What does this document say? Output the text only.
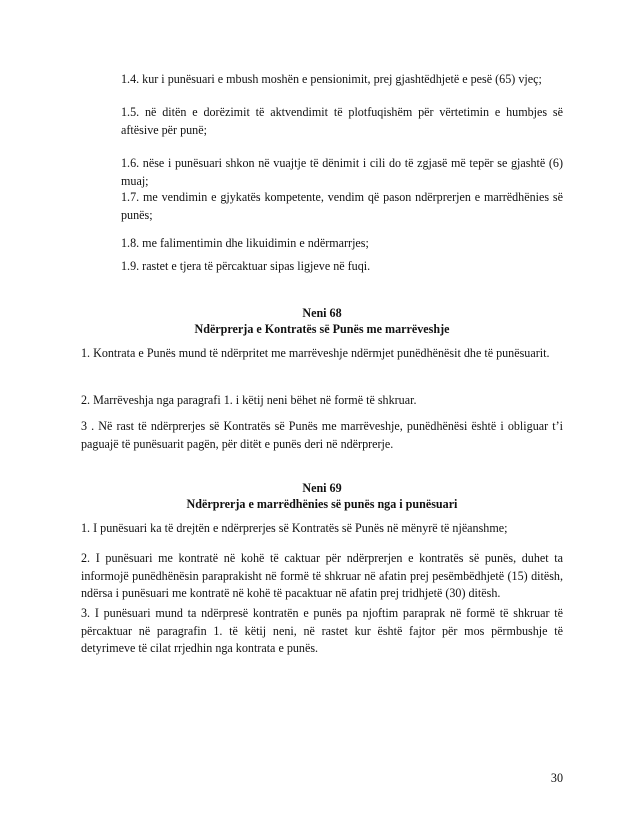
1.4. kur i punësuari e mbush moshën e pensionimit, prej gjashtëdhjetë e pesë (65) vjeç;

1.5. në ditën e dorëzimit të aktvendimit të plotfuqishëm për vërtetimin e humbjes së aftësive për punë;

1.6. nëse i punësuari shkon në vuajtje të dënimit i cili do të zgjasë më tepër se gjashtë (6) muaj;

1.7. me vendimin e gjykatës kompetente, vendim që pason ndërprerjen e marrëdhënies së punës;

1.8. me falimentimin dhe likuidimin e ndërmarrjes;

1.9. rastet e tjera të përcaktuar sipas ligjeve në fuqi.

Neni 68

Ndërprerja e Kontratës së Punës me marrëveshje

1. Kontrata e Punës mund të ndërpritet me marrëveshje ndërmjet punëdhënësit dhe të punësuarit.

2. Marrëveshja nga paragrafi 1. i këtij neni bëhet në formë të shkruar.

3 . Në rast të ndërprerjes së Kontratës së Punës me marrëveshje, punëdhënësi është i obliguar t’i paguajë të punësuarit pagën, për ditët e punës deri në ndërprerje.

Neni 69

Ndërprerja e marrëdhënies së punës nga i punësuari

1. I punësuari ka të drejtën e ndërprerjes së Kontratës së Punës në mënyrë të njëanshme;

2. I punësuari me kontratë në kohë të caktuar për ndërprerjen e kontratës së punës, duhet ta informojë punëdhënësin paraprakisht në formë të shkruar në afatin prej pesëmbëdhjetë (15) ditësh, ndërsa i punësuari me kontratë në kohë të pacaktuar në afatin prej tridhjetë (30) ditësh.

3. I punësuari mund ta ndërpresë kontratën e punës pa njoftim paraprak në formë të shkruar të përcaktuar në paragrafin 1. të këtij neni, në rastet kur është fajtor për mos përmbushje të detyrimeve të cilat rrjedhin nga kontrata e punës.

30
